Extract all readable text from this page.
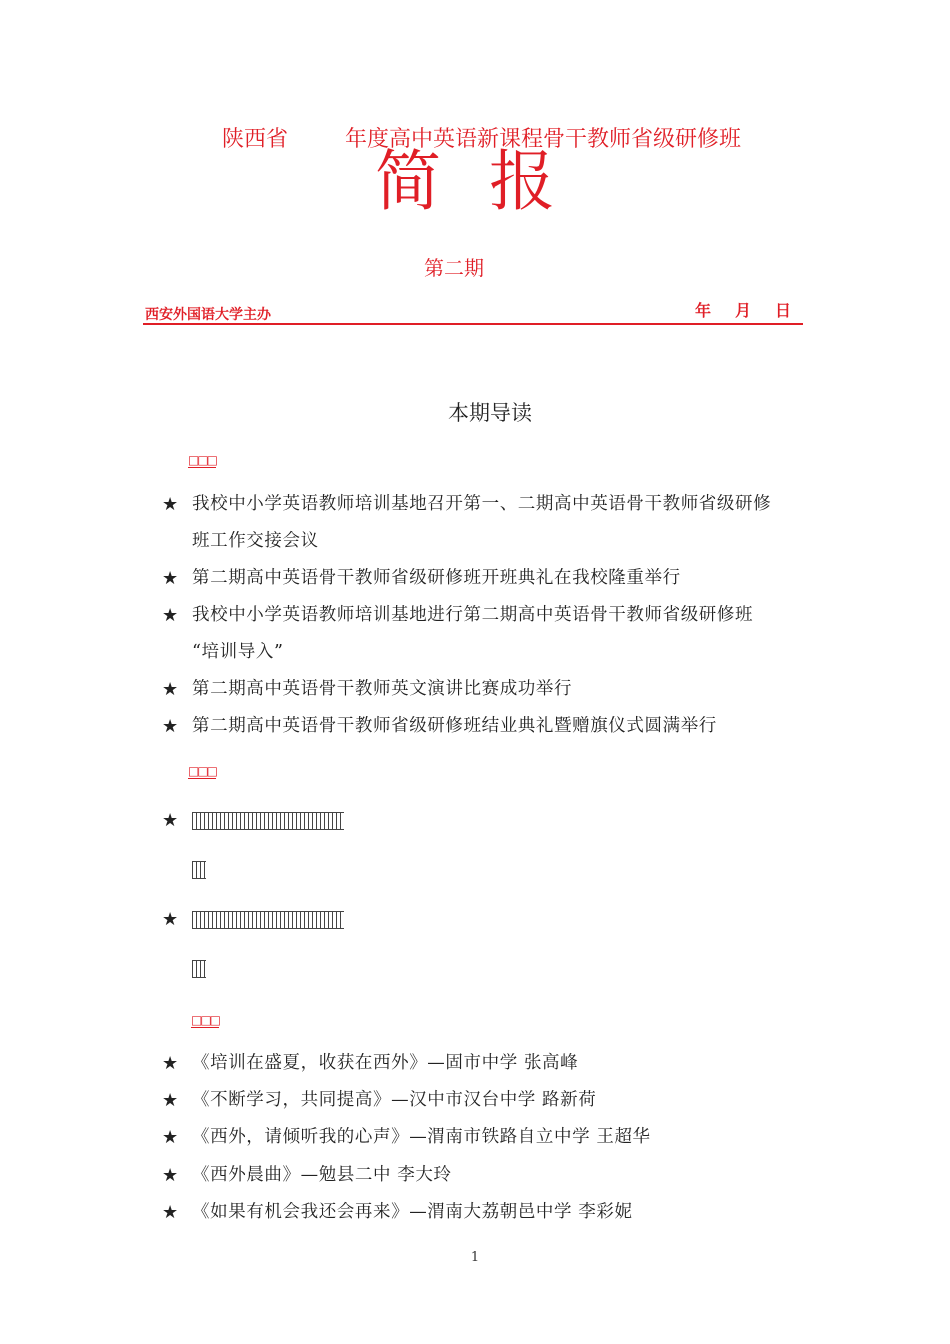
陕西省	年度高中英语新课程骨干教师省级研修班
简报
第二期
西安外国语大学主办	年 月 日
本期导读
□□□
★ 我校中小学英语教师培训基地召开第一、二期高中英语骨干教师省级研修
班工作交接会议
★ 第二期高中英语骨干教师省级研修班开班典礼在我校隆重举行
★ 我校中小学英语教师培训基地进行第二期高中英语骨干教师省级研修班
“培训导入”
★ 第二期高中英语骨干教师英文演讲比赛成功举行
★ 第二期高中英语骨干教师省级研修班结业典礼暨赠旗仪式圆满举行
□□□
★
★
□□□
★ 《培训在盛夏，收获在西外》—固市中学 张高峰
★ 《不断学习，共同提高》—汉中市汉台中学 路新荷
★ 《西外，请倾听我的心声》—渭南市铁路自立中学 王超华
★ 《西外晨曲》—勉县二中 李大玲
★ 《如果有机会我还会再来》—渭南大荔朝邑中学 李彩妮
1
